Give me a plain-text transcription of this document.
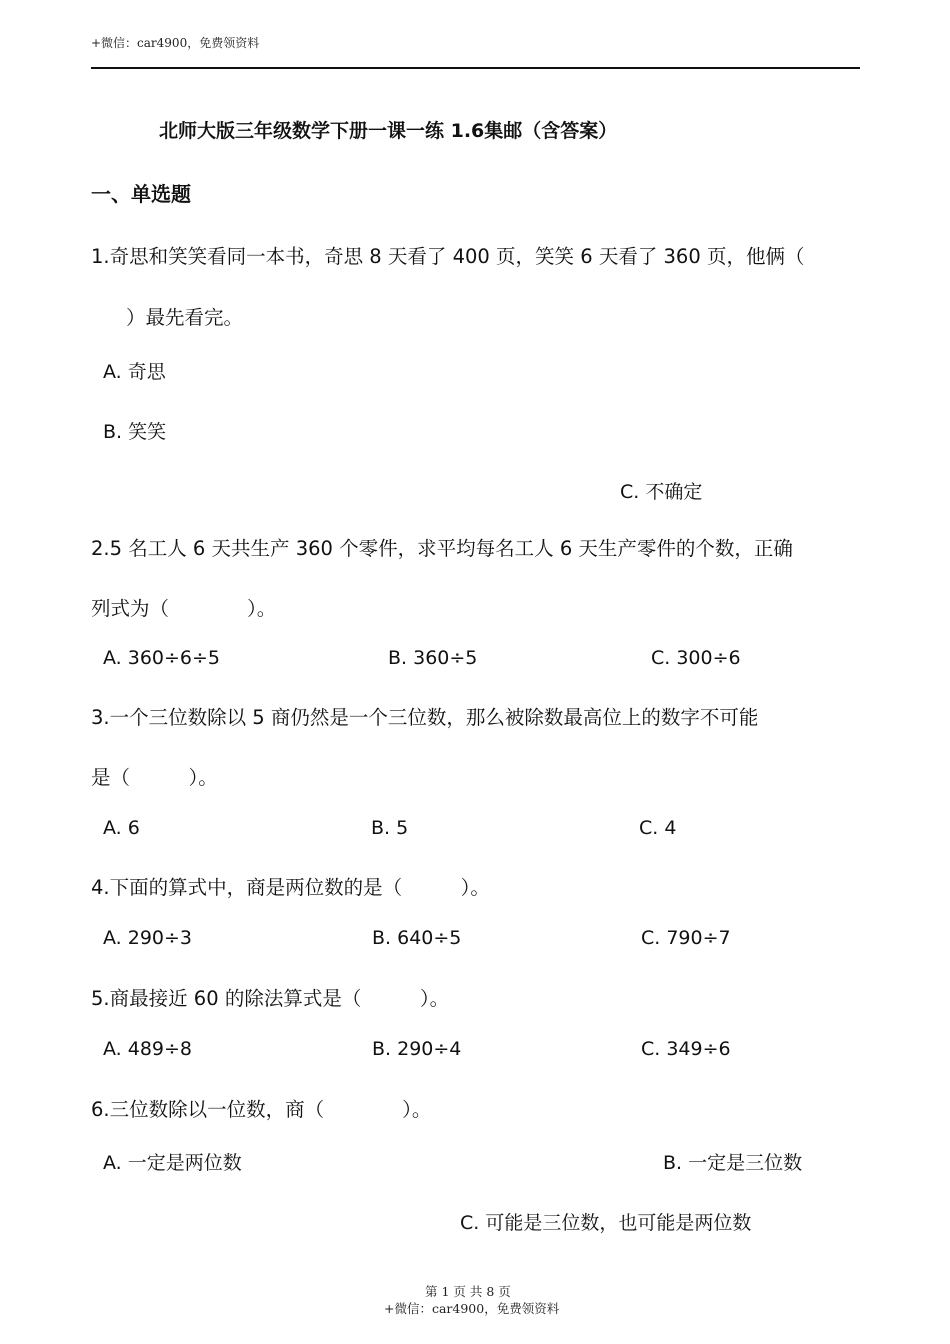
+微信：car4900，免费领资料
北师大版三年级数学下册一课一练 1.6集邮（含答案）
一、单选题
1.奇思和笑笑看同一本书，奇思 8 天看了 400 页，笑笑 6 天看了 360 页，他俩（
）最先看完。
A. 奇思
B. 笑笑
C. 不确定
2.5 名工人 6 天共生产 360 个零件，求平均每名工人 6 天生产零件的个数，正确
列式为（　　　　）。
A. 360÷6÷5	B. 360÷5	C. 300÷6
3.一个三位数除以 5 商仍然是一个三位数，那么被除数最高位上的数字不可能
是（　　　）。
A. 6	B. 5	C. 4
4.下面的算式中，商是两位数的是（　　　）。
A. 290÷3	B. 640÷5	C. 790÷7
5.商最接近 60 的除法算式是（　　　）。
A. 489÷8	B. 290÷4	C. 349÷6
6.三位数除以一位数，商（　　　　）。
A. 一定是两位数	B. 一定是三位数
C. 可能是三位数，也可能是两位数
第 1 页 共 8 页
+微信：car4900，免费领资料
